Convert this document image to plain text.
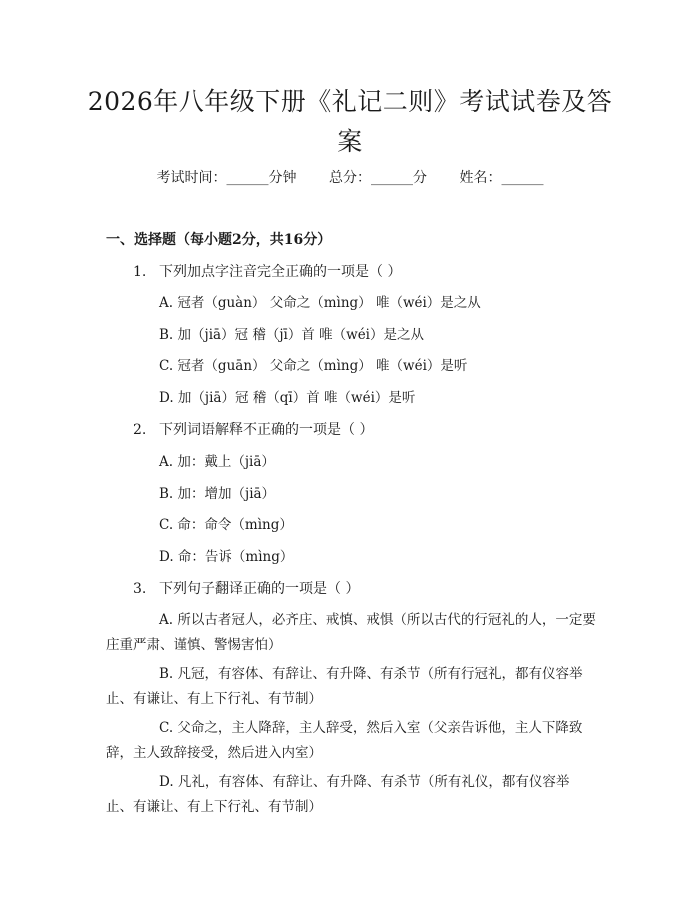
2026年八年级下册《礼记二则》考试试卷及答案
考试时间：______分钟 总分：______分 姓名：______
一、选择题（每小题2分，共16分）
1. 下列加点字注音完全正确的一项是（ ）
A. 冠者（guàn） 父命之（mìng） 唯（wéi）是之从
B. 加（jiā）冠 稽（jī）首 唯（wéi）是之从
C. 冠者（guān） 父命之（mìng） 唯（wéi）是听
D. 加（jiā）冠 稽（qī）首 唯（wéi）是听
2. 下列词语解释不正确的一项是（ ）
A. 加：戴上（jiā）
B. 加：增加（jiā）
C. 命：命令（mìng）
D. 命：告诉（mìng）
3. 下列句子翻译正确的一项是（ ）
A. 所以古者冠人，必齐庄、戒慎、戒惧（所以古代的行冠礼的人，一定要庄重严肃、谨慎、警惕害怕）
B. 凡冠，有容体、有辞让、有升降、有杀节（所有行冠礼，都有仪容举止、有谦让、有上下行礼、有节制）
C. 父命之，主人降辞，主人辞受，然后入室（父亲告诉他，主人下降致辞，主人致辞接受，然后进入内室）
D. 凡礼，有容体、有辞让、有升降、有杀节（所有礼仪，都有仪容举止、有谦让、有上下行礼、有节制）
